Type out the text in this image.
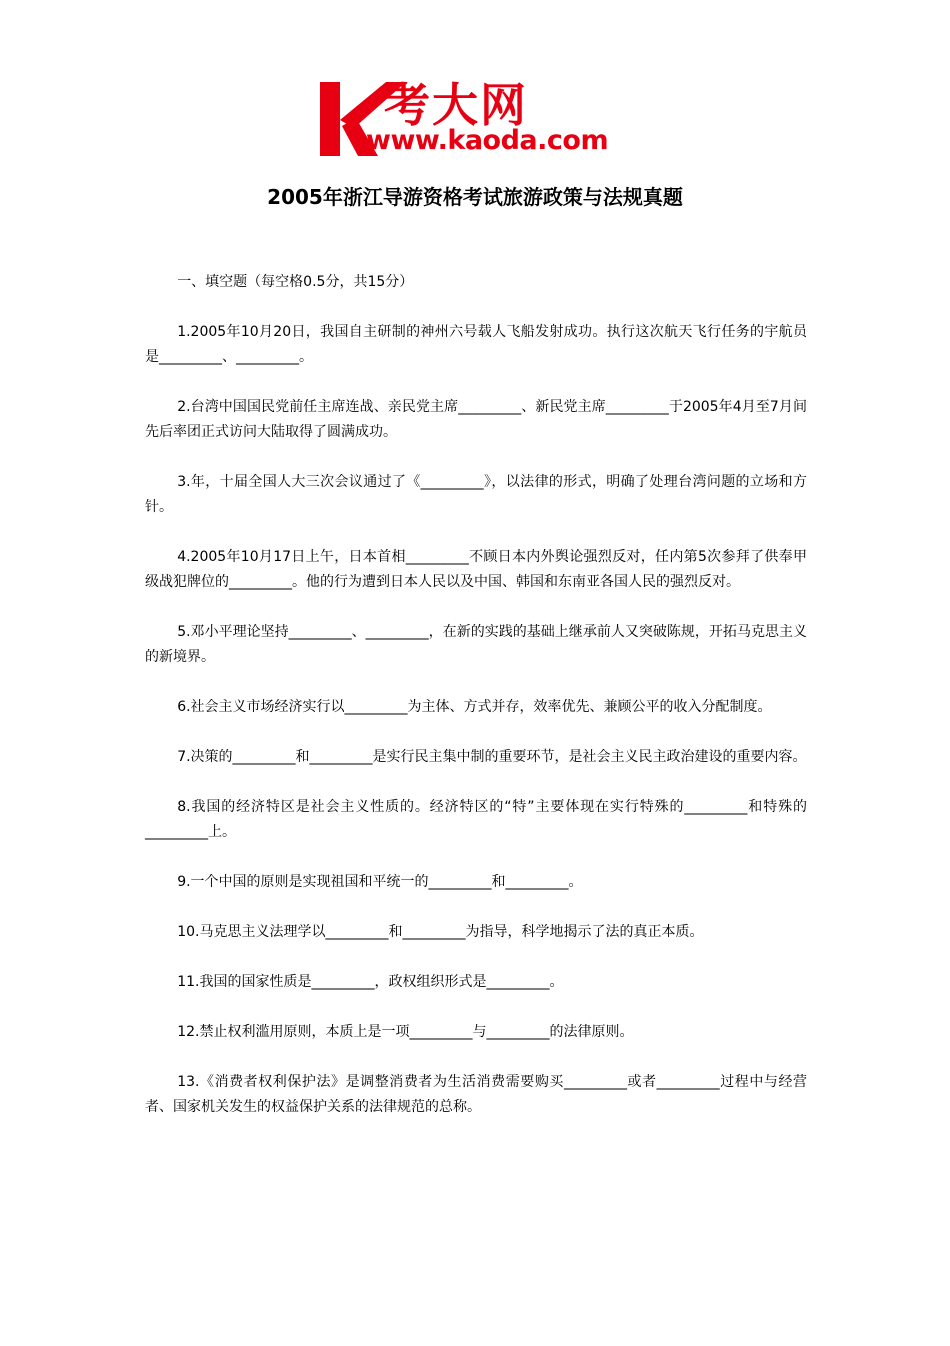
考大网
www.kaoda.com
2005年浙江导游资格考试旅游政策与法规真题

一、填空题（每空格0.5分，共15分）

1.2005年10月20日，我国自主研制的神州六号载人飞船发射成功。执行这次航天飞行任务的宇航员是_________、_________。

2.台湾中国国民党前任主席连战、亲民党主席_________、新民党主席_________于2005年4月至7月间先后率团正式访问大陆取得了圆满成功。

3.年，十届全国人大三次会议通过了《_________》，以法律的形式，明确了处理台湾问题的立场和方针。

4.2005年10月17日上午，日本首相_________不顾日本内外舆论强烈反对，任内第5次参拜了供奉甲级战犯牌位的_________。他的行为遭到日本人民以及中国、韩国和东南亚各国人民的强烈反对。

5.邓小平理论坚持_________、_________，在新的实践的基础上继承前人又突破陈规，开拓马克思主义的新境界。

6.社会主义市场经济实行以_________为主体、方式并存，效率优先、兼顾公平的收入分配制度。

7.决策的_________和_________是实行民主集中制的重要环节，是社会主义民主政治建设的重要内容。

8.我国的经济特区是社会主义性质的。经济特区的“特”主要体现在实行特殊的_________和特殊的_________上。

9.一个中国的原则是实现祖国和平统一的_________和_________。

10.马克思主义法理学以_________和_________为指导，科学地揭示了法的真正本质。

11.我国的国家性质是_________，政权组织形式是_________。

12.禁止权利滥用原则，本质上是一项_________与_________的法律原则。

13.《消费者权利保护法》是调整消费者为生活消费需要购买_________或者_________过程中与经营者、国家机关发生的权益保护关系的法律规范的总称。
